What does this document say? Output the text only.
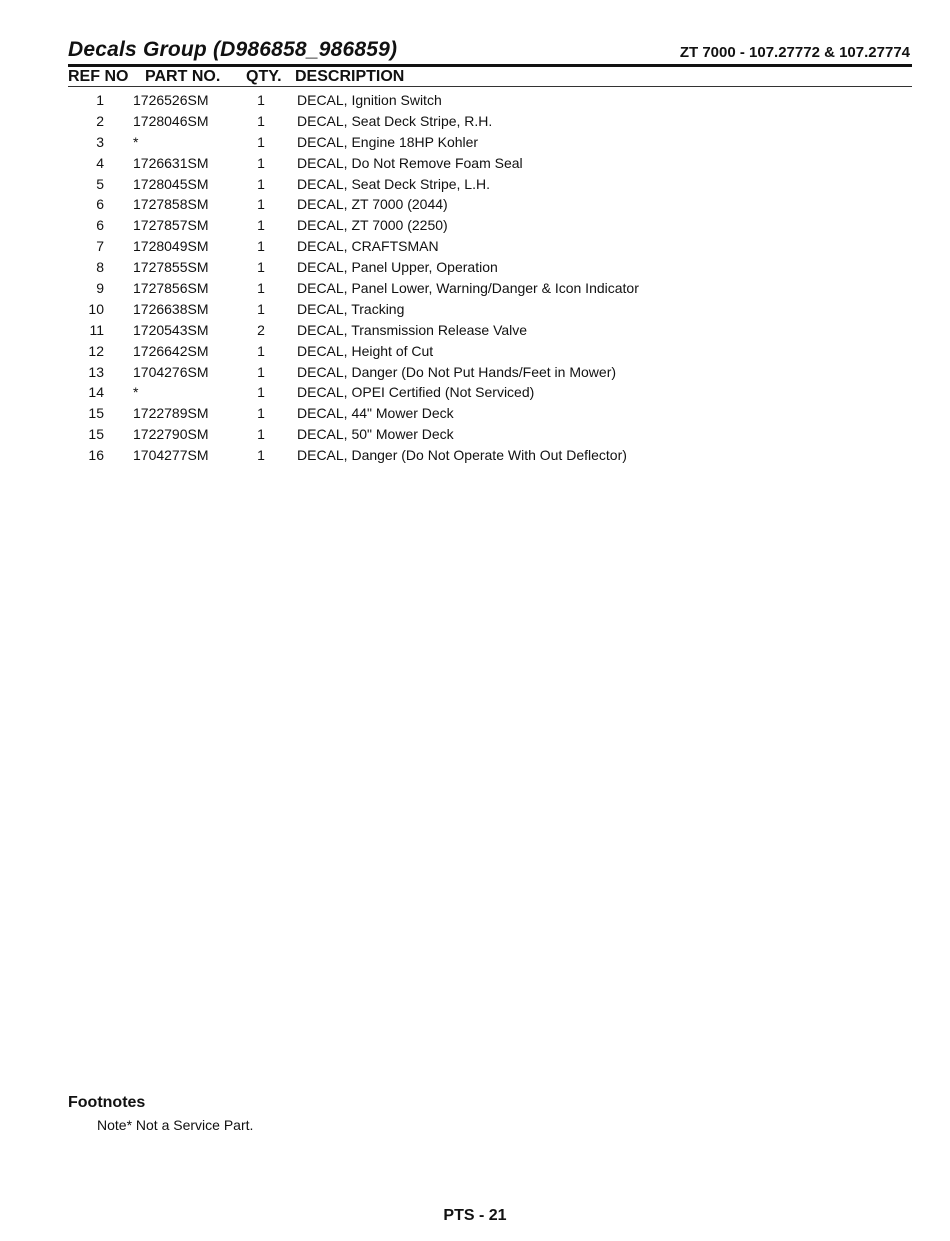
Decals Group (D986858_986859)	ZT 7000 - 107.27772 & 107.27774
REF NO PART NO. QTY. DESCRIPTION
1 1726526SM	1	DECAL, Ignition Switch
2 1728046SM	1	DECAL, Seat Deck Stripe, R.H.
3 *	1	DECAL, Engine 18HP Kohler
4 1726631SM	1	DECAL, Do Not Remove Foam Seal
5 1728045SM	1	DECAL, Seat Deck Stripe, L.H.
6 1727858SM	1	DECAL, ZT 7000 (2044)
6 1727857SM	1	DECAL, ZT 7000 (2250)
7 1728049SM	1	DECAL, CRAFTSMAN
8 1727855SM	1	DECAL, Panel Upper, Operation
9 1727856SM	1	DECAL, Panel Lower, Warning/Danger & Icon Indicator
10 1726638SM	1	DECAL, Tracking
11 1720543SM	2	DECAL, Transmission Release Valve
12 1726642SM	1	DECAL, Height of Cut
13 1704276SM	1	DECAL, Danger (Do Not Put Hands/Feet in Mower)
14 *	1	DECAL, OPEI Certified (Not Serviced)
15 1722789SM	1	DECAL, 44" Mower Deck
15 1722790SM	1	DECAL, 50" Mower Deck
16 1704277SM	1	DECAL, Danger (Do Not Operate With Out Deflector)
Footnotes
Note* Not a Service Part.
PTS - 21
